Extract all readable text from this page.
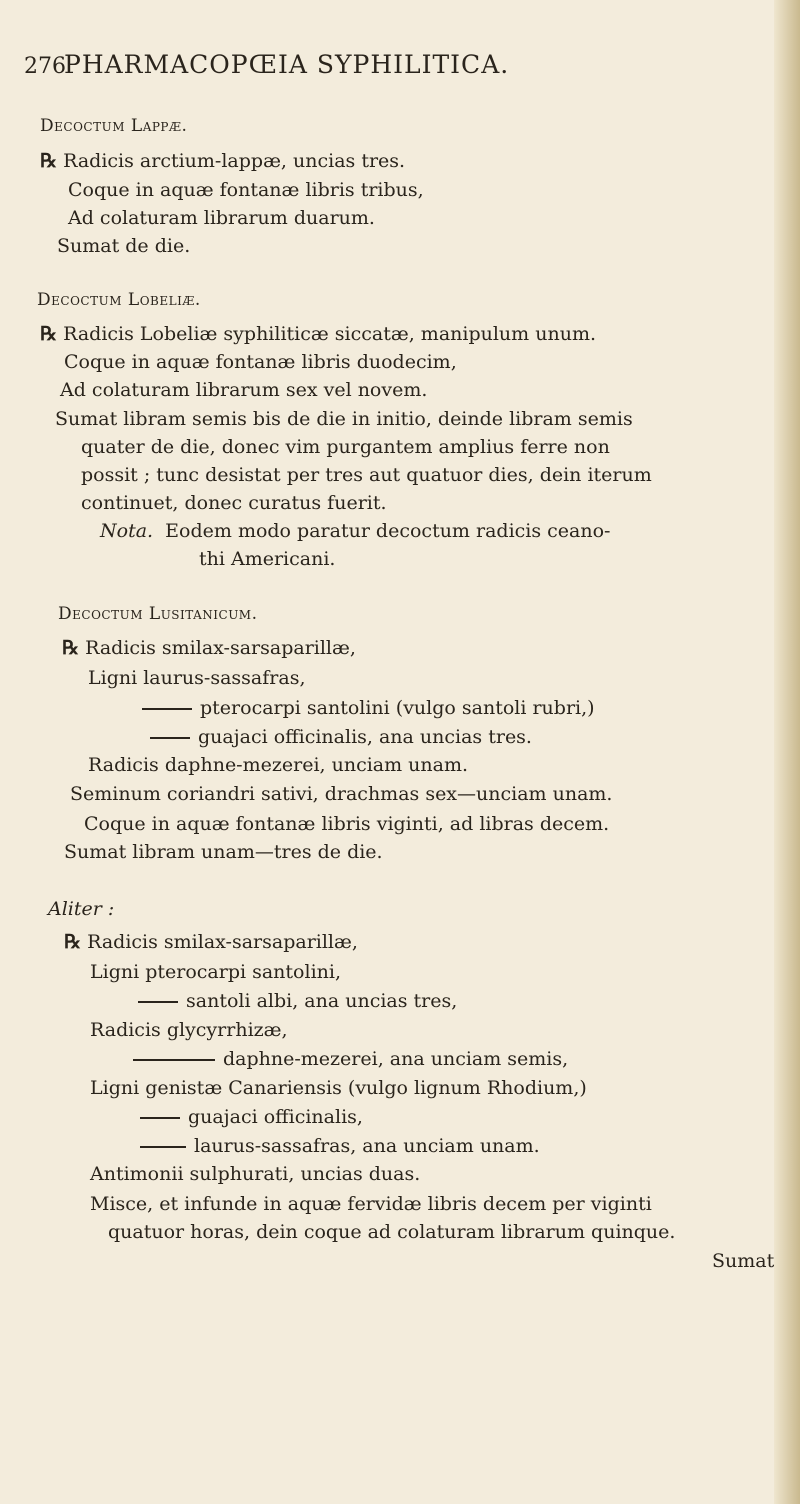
276
PHARMACOPŒIA SYPHILITICA.
Decoctum Lappæ.
℞ Radicis arctium-lappæ, uncias tres.
Coque in aquæ fontanæ libris tribus,
Ad colaturam librarum duarum.
Sumat de die.
Decoctum Lobeliæ.
℞ Radicis Lobeliæ syphiliticæ siccatæ, manipulum unum.
Coque in aquæ fontanæ libris duodecim,
Ad colaturam librarum sex vel novem.
Sumat libram semis bis de die in initio, deinde libram semis
quater de die, donec vim purgantem amplius ferre non
possit ; tunc desistat per tres aut quatuor dies, dein iterum
continuet, donec curatus fuerit.
Nota. Eodem modo paratur decoctum radicis ceano-
thi Americani.
Decoctum Lusitanicum.
℞ Radicis smilax-sarsaparillæ,
Ligni laurus-sassafras,
pterocarpi santolini (vulgo santoli rubri,)
guajaci officinalis, ana uncias tres.
Radicis daphne-mezerei, unciam unam.
Seminum coriandri sativi, drachmas sex—unciam unam.
Coque in aquæ fontanæ libris viginti, ad libras decem.
Sumat libram unam—tres de die.
Aliter :
℞ Radicis smilax-sarsaparillæ,
Ligni pterocarpi santolini,
santoli albi, ana uncias tres,
Radicis glycyrrhizæ,
daphne-mezerei, ana unciam semis,
Ligni genistæ Canariensis (vulgo lignum Rhodium,)
guajaci officinalis,
laurus-sassafras, ana unciam unam.
Antimonii sulphurati, uncias duas.
Misce, et infunde in aquæ fervidæ libris decem per viginti
quatuor horas, dein coque ad colaturam librarum quinque.
Sumat
